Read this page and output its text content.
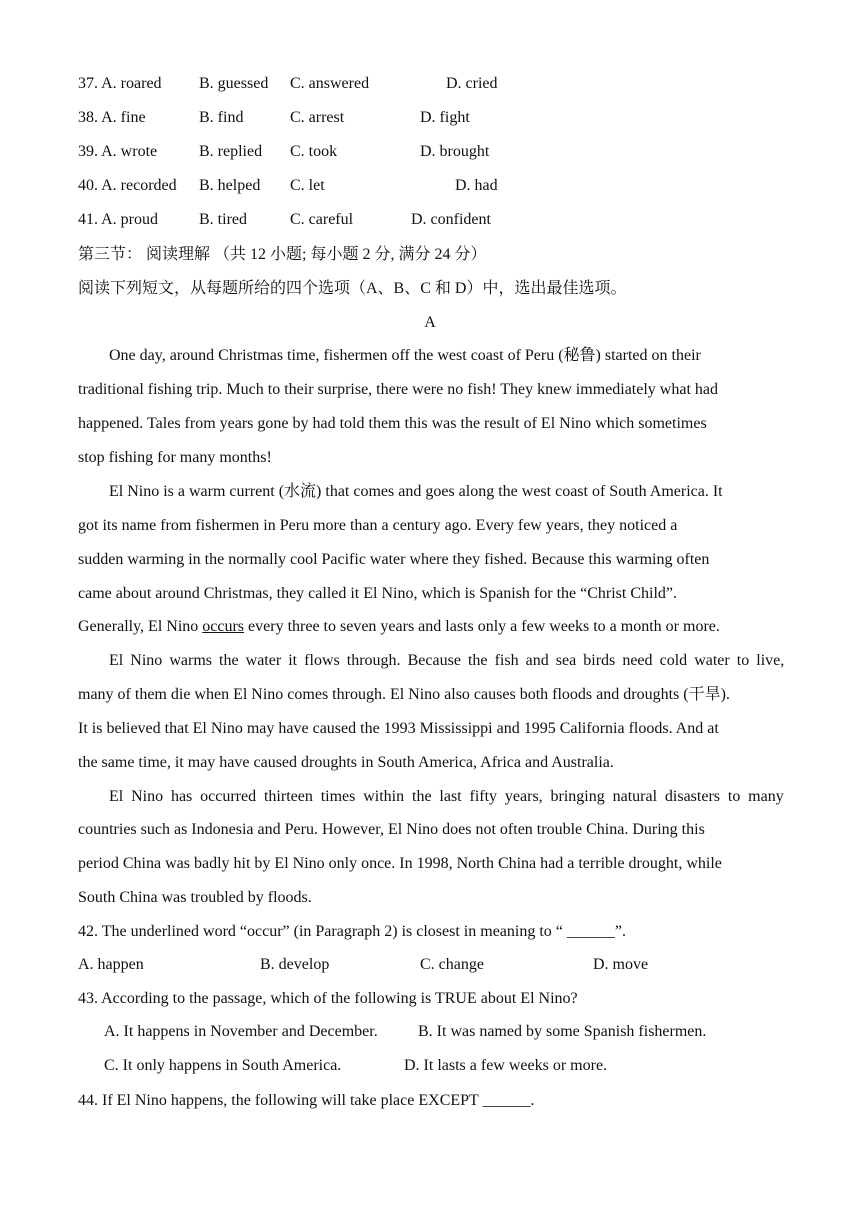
37. A. roared B. guessed C. answered	D. cried
38. A. fine	B. find	C. arrest	D. fight
39. A. wrote	B. replied C. took	D. brought
40. A. recorded B. helped C. let	D. had
41. A. proud	B. tired	C. careful	D. confident
第三节： 阅读理解 （共 12 小题; 每小题 2 分, 满分 24 分）
阅读下列短文，从每题所给的四个选项（A、B、C 和 D）中，选出最佳选项。
A
One day, around Christmas time, fishermen off the west coast of Peru (秘鲁) started on their
traditional fishing trip. Much to their surprise, there were no fish! They knew immediately what had
happened. Tales from years gone by had told them this was the result of El Nino which sometimes
stop fishing for many months!
El Nino is a warm current (水流) that comes and goes along the west coast of South America. It
got its name from fishermen in Peru more than a century ago. Every few years, they noticed a
sudden warming in the normally cool Pacific water where they fished. Because this warming often
came about around Christmas, they called it El Nino, which is Spanish for the “Christ Child”.
Generally, El Nino occurs every three to seven years and lasts only a few weeks to a month or more.
El Nino warms the water it flows through. Because the fish and sea birds need cold water to live,
many of them die when El Nino comes through. El Nino also causes both floods and droughts (干旱).
It is believed that El Nino may have caused the 1993 Mississippi and 1995 California floods. And at
the same time, it may have caused droughts in South America, Africa and Australia.
El Nino has occurred thirteen times within the last fifty years, bringing natural disasters to many
countries such as Indonesia and Peru. However, El Nino does not often trouble China. During this
period China was badly hit by El Nino only once. In 1998, North China had a terrible drought, while
South China was troubled by floods.
42. The underlined word “occur” (in Paragraph 2) is closest in meaning to “ ______”.
A. happen	B. develop	C. change	D. move
43. According to the passage, which of the following is TRUE about El Nino?
A. It happens in November and December.	B. It was named by some Spanish fishermen.
C. It only happens in South America.	D. It lasts a few weeks or more.
44. If El Nino happens, the following will take place EXCEPT ______.
